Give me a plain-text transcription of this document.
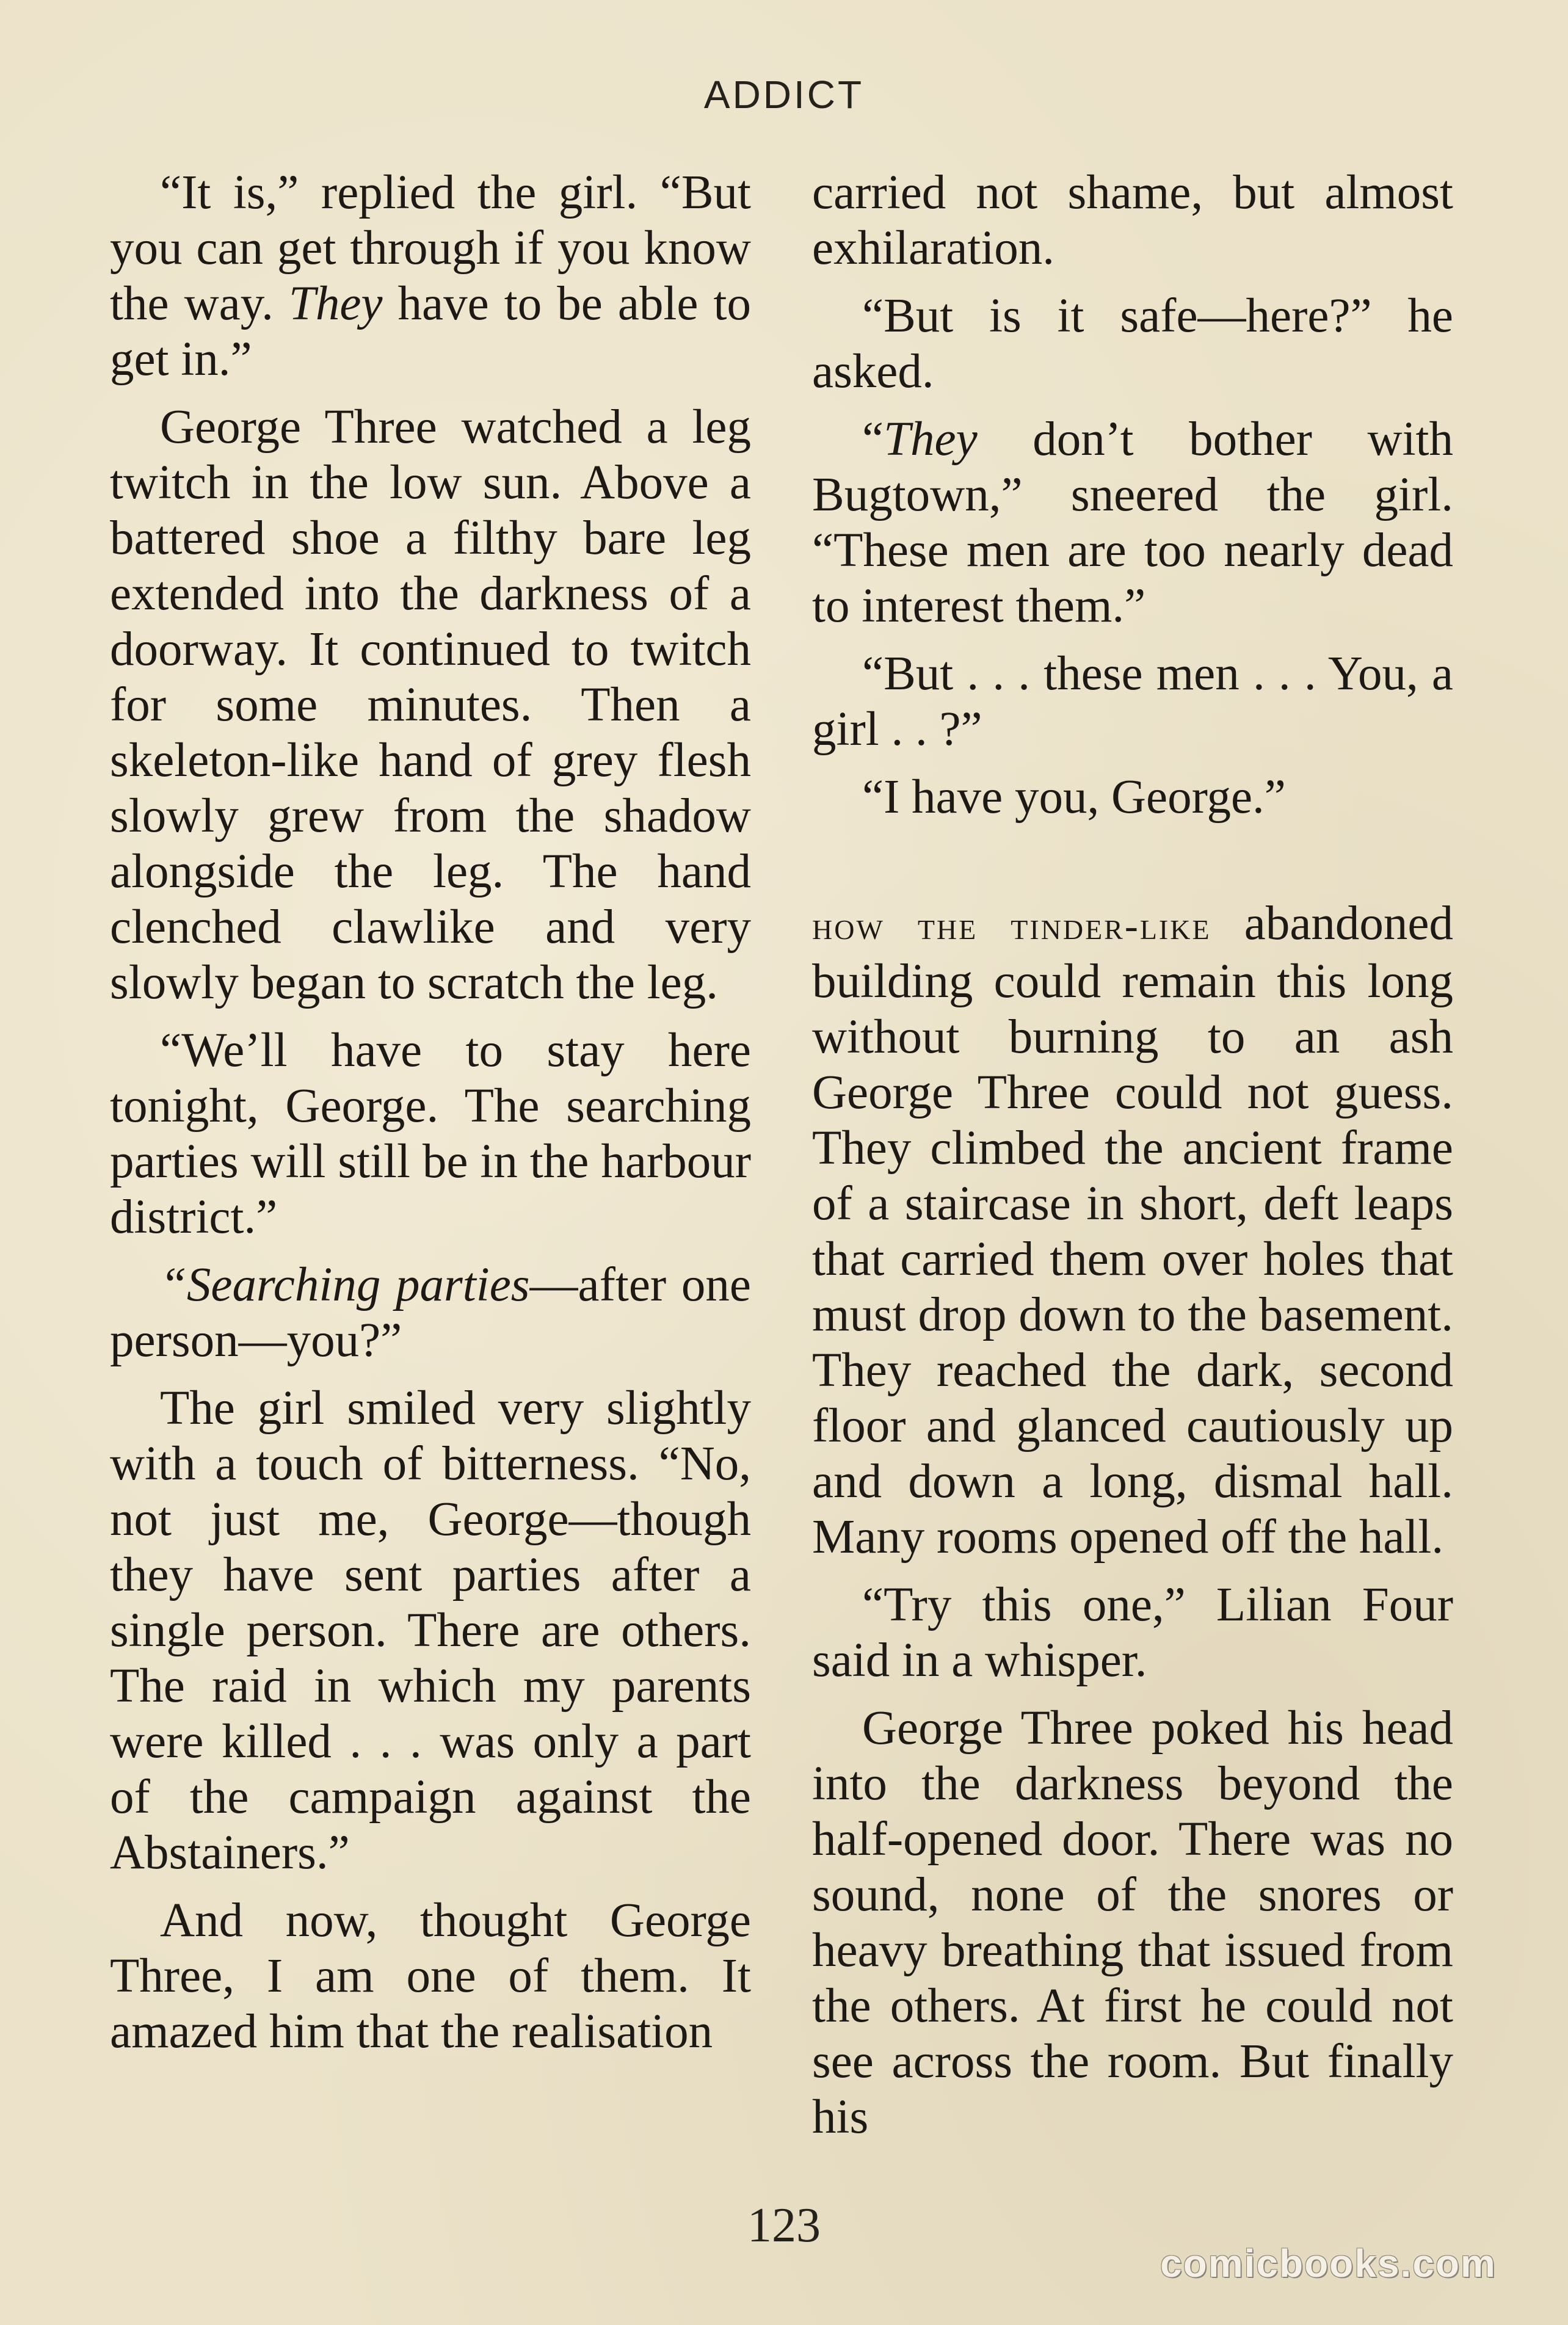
ADDICT

“It is,” replied the girl. “But you can get through if you know the way. They have to be able to get in.”

George Three watched a leg twitch in the low sun. Above a battered shoe a filthy bare leg extended into the darkness of a doorway. It continued to twitch for some minutes. Then a skeleton-like hand of grey flesh slowly grew from the shadow alongside the leg. The hand clenched clawlike and very slowly began to scratch the leg.

“We’ll have to stay here tonight, George. The searching parties will still be in the harbour district.”

“Searching parties—after one person—you?”

The girl smiled very slightly with a touch of bitterness. “No, not just me, George—though they have sent parties after a single person. There are others. The raid in which my parents were killed . . . was only a part of the campaign against the Abstainers.”

And now, thought George Three, I am one of them. It amazed him that the realisation

carried not shame, but almost exhilaration.

“But is it safe—here?” he asked.

“They don’t bother with Bugtown,” sneered the girl. “These men are too nearly dead to interest them.”

“But . . . these men . . . You, a girl . . ?”

“I have you, George.”

how the tinder-like abandoned building could remain this long without burning to an ash George Three could not guess. They climbed the ancient frame of a staircase in short, deft leaps that carried them over holes that must drop down to the basement. They reached the dark, second floor and glanced cautiously up and down a long, dismal hall. Many rooms opened off the hall.

“Try this one,” Lilian Four said in a whisper.

George Three poked his head into the darkness beyond the half-opened door. There was no sound, none of the snores or heavy breathing that issued from the others. At first he could not see across the room. But finally his

123
comicbooks.com
